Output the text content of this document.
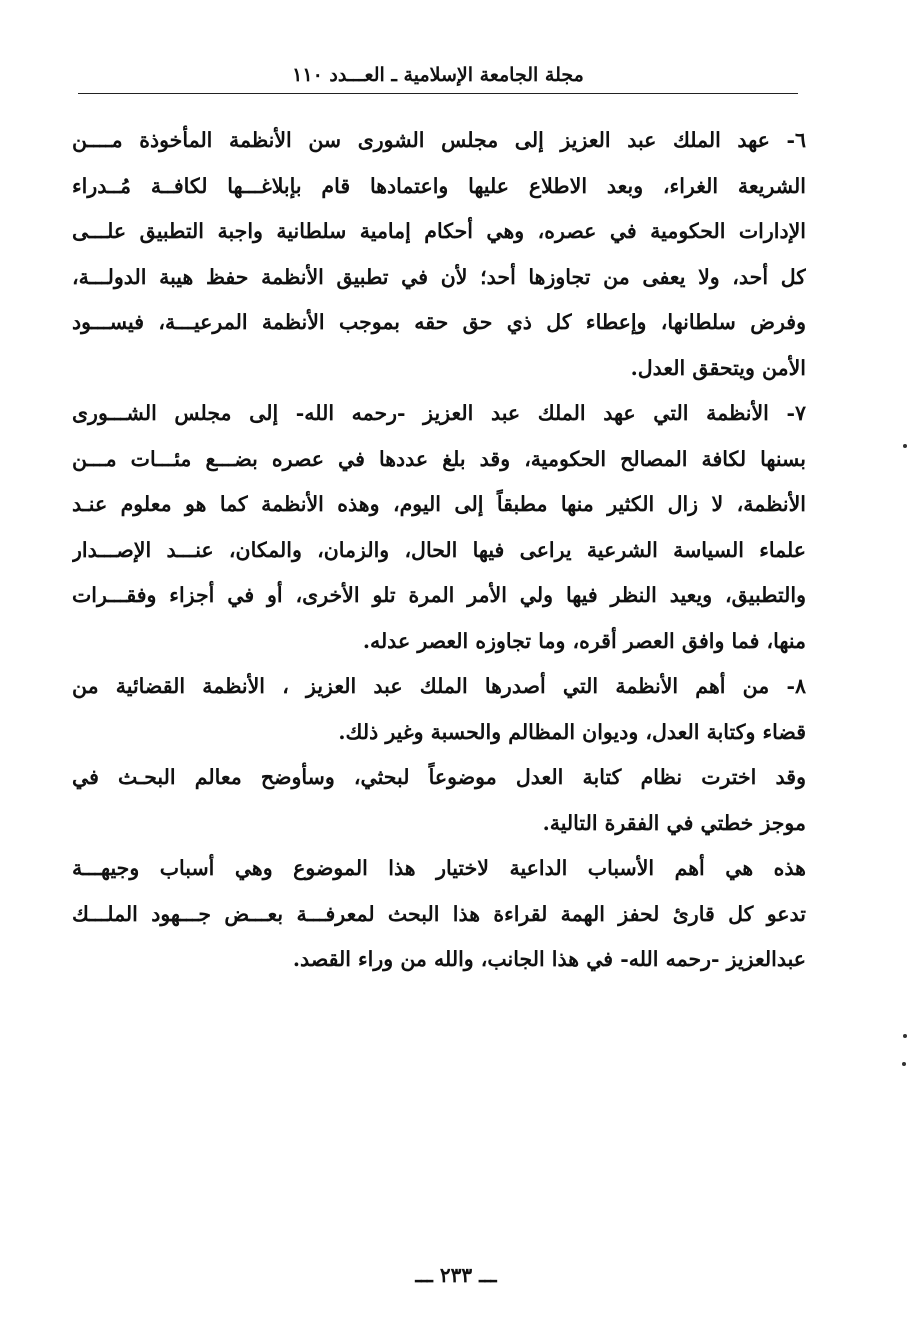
مجلة الجامعة الإسلامية ـ العـــدد ١١٠
٦- عهد الملك عبد العزيز إلى مجلس الشورى سن الأنظمة المأخوذة مــــن
الشريعة الغراء، وبعد الاطلاع عليها واعتمادها قام بإبلاغـــها لكافــة مُــدراء
الإدارات الحكومية في عصره، وهي أحكام إمامية سلطانية واجبة التطبيق علـــى
كل أحد، ولا يعفى من تجاوزها أحد؛ لأن في تطبيق الأنظمة حفظ هيبة الدولـــة،
وفرض سلطانها، وإعطاء كل ذي حق حقه بموجب الأنظمة المرعيـــة، فيســـود
الأمن ويتحقق العدل.
٧- الأنظمة التي عهد الملك عبد العزيز -رحمه الله- إلى مجلس الشـــورى
بسنها لكافة المصالح الحكومية، وقد بلغ عددها في عصره بضـــع مئـــات مـــن
الأنظمة، لا زال الكثير منها مطبقاً إلى اليوم، وهذه الأنظمة كما هو معلوم عنـد
علماء السياسة الشرعية يراعى فيها الحال، والزمان، والمكان، عنـــد الإصـــدار
والتطبيق، ويعيد النظر فيها ولي الأمر المرة تلو الأخرى، أو في أجزاء وفقـــرات
منها، فما وافق العصر أقره، وما تجاوزه العصر عدله.
٨- من أهم الأنظمة التي أصدرها الملك عبد العزيز ، الأنظمة القضائية من
قضاء وكتابة العدل، وديوان المظالم والحسبة وغير ذلك.
وقد اخترت نظام كتابة العدل موضوعاً لبحثي، وسأوضح معالم البحـث في
موجز خطتي في الفقرة التالية.
هذه هي أهم الأسباب الداعية لاختيار هذا الموضوع وهي أسباب وجيهـــة
تدعو كل قارئ لحفز الهمة لقراءة هذا البحث لمعرفـــة بعـــض جـــهود الملـــك
عبدالعزيز -رحمه الله- في هذا الجانب، والله من وراء القصد.
ـــ ٢٣٣ ـــ
